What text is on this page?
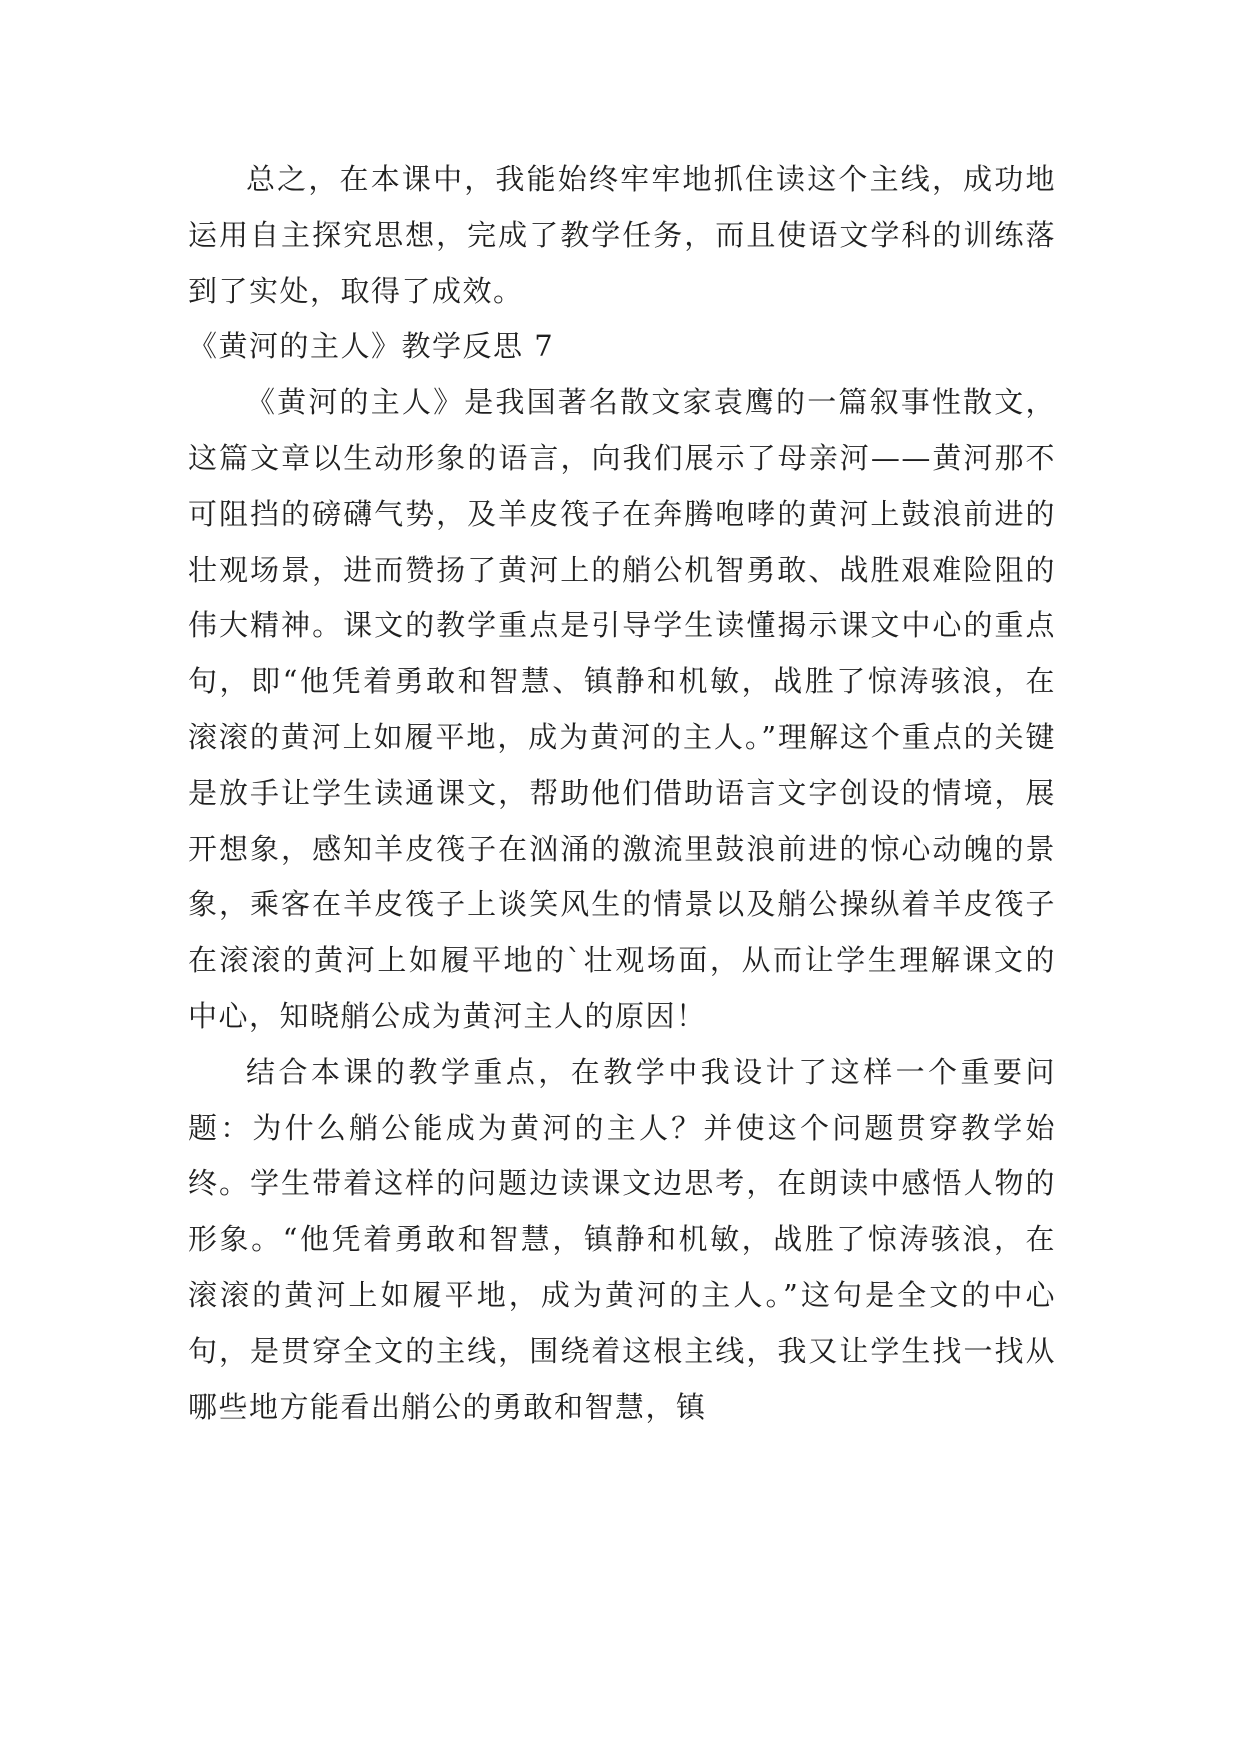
总之，在本课中，我能始终牢牢地抓住读这个主线，成功地运用自主探究思想，完成了教学任务，而且使语文学科的训练落到了实处，取得了成效。

《黄河的主人》教学反思 7

《黄河的主人》是我国著名散文家袁鹰的一篇叙事性散文，这篇文章以生动形象的语言，向我们展示了母亲河——黄河那不可阻挡的磅礴气势，及羊皮筏子在奔腾咆哮的黄河上鼓浪前进的壮观场景，进而赞扬了黄河上的艄公机智勇敢、战胜艰难险阻的伟大精神。课文的教学重点是引导学生读懂揭示课文中心的重点句，即“他凭着勇敢和智慧、镇静和机敏，战胜了惊涛骇浪，在滚滚的黄河上如履平地，成为黄河的主人。”理解这个重点的关键是放手让学生读通课文，帮助他们借助语言文字创设的情境，展开想象，感知羊皮筏子在汹涌的激流里鼓浪前进的惊心动魄的景象，乘客在羊皮筏子上谈笑风生的情景以及艄公操纵着羊皮筏子在滚滚的黄河上如履平地的`壮观场面，从而让学生理解课文的中心，知晓艄公成为黄河主人的原因！

结合本课的教学重点，在教学中我设计了这样一个重要问题：为什么艄公能成为黄河的主人？并使这个问题贯穿教学始终。学生带着这样的问题边读课文边思考，在朗读中感悟人物的形象。“他凭着勇敢和智慧，镇静和机敏，战胜了惊涛骇浪，在滚滚的黄河上如履平地，成为黄河的主人。”这句是全文的中心句，是贯穿全文的主线，围绕着这根主线，我又让学生找一找从哪些地方能看出艄公的勇敢和智慧，镇
